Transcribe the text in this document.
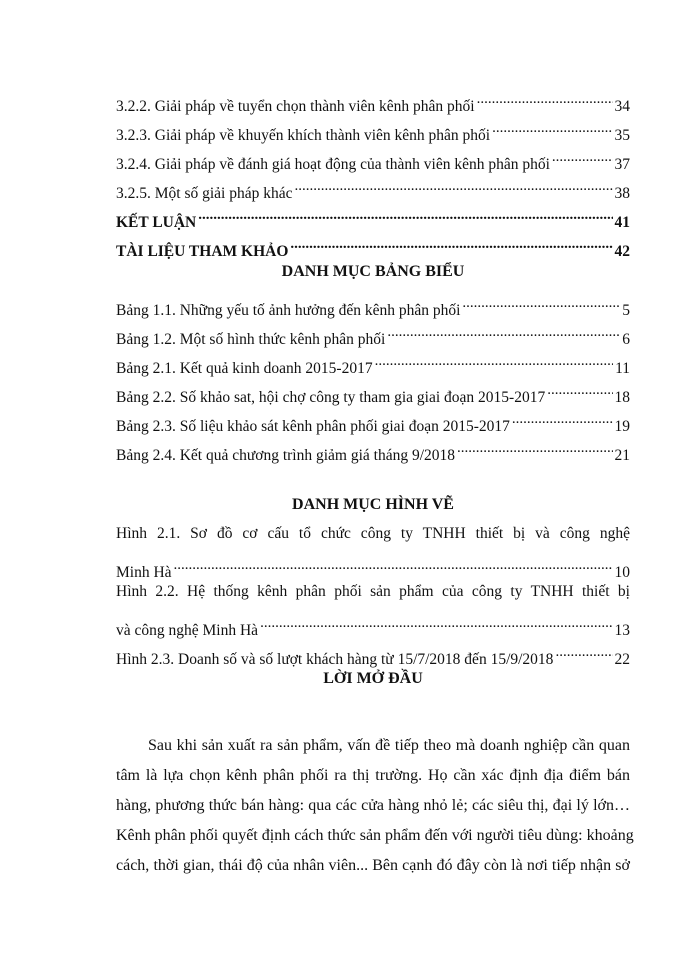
3.2.2. Giải pháp về tuyển chọn thành viên kênh phân phối .....	34
3.2.3. Giải pháp về khuyến khích thành viên kênh phân phối .....	35
3.2.4. Giải pháp về đánh giá hoạt động của thành viên kênh phân phối .....	37
3.2.5. Một số giải pháp khác .....	38
KẾT LUẬN .....	41
TÀI LIỆU THAM KHẢO .....	42
DANH MỤC BẢNG BIỂU
Bảng 1.1. Những yếu tố ảnh hưởng đến kênh phân phối .....	5
Bảng 1.2. Một số hình thức kênh phân phối .....	6
Bảng 2.1. Kết quả kinh doanh 2015-2017 .....	11
Bảng 2.2. Số khảo sat, hội chợ công ty tham gia giai đoạn 2015-2017 .....	18
Bảng 2.3. Số liệu khảo sát kênh phân phối giai đoạn 2015-2017 .....	19
Bảng 2.4. Kết quả chương trình giảm giá tháng 9/2018 .....	21
DANH MỤC HÌNH VẼ
Hình 2.1. Sơ đồ cơ cấu tổ chức công ty TNHH thiết bị và công nghệ
Minh Hà .....	10
Hình 2.2. Hệ thống kênh phân phối sản phẩm của công ty TNHH thiết bị
và công nghệ Minh Hà .....	13
Hình 2.3. Doanh số và số lượt khách hàng từ 15/7/2018 đến 15/9/2018 .....	22
LỜI MỞ ĐẦU
Sau khi sản xuất ra sản phẩm, vấn đề tiếp theo mà doanh nghiệp cần quan
tâm là lựa chọn kênh phân phối ra thị trường. Họ cần xác định địa điểm bán
hàng, phương thức bán hàng: qua các cửa hàng nhỏ lẻ; các siêu thị, đại lý lớn…
Kênh phân phối quyết định cách thức sản phẩm đến với người tiêu dùng: khoảng
cách, thời gian, thái độ của nhân viên... Bên cạnh đó đây còn là nơi tiếp nhận sở
